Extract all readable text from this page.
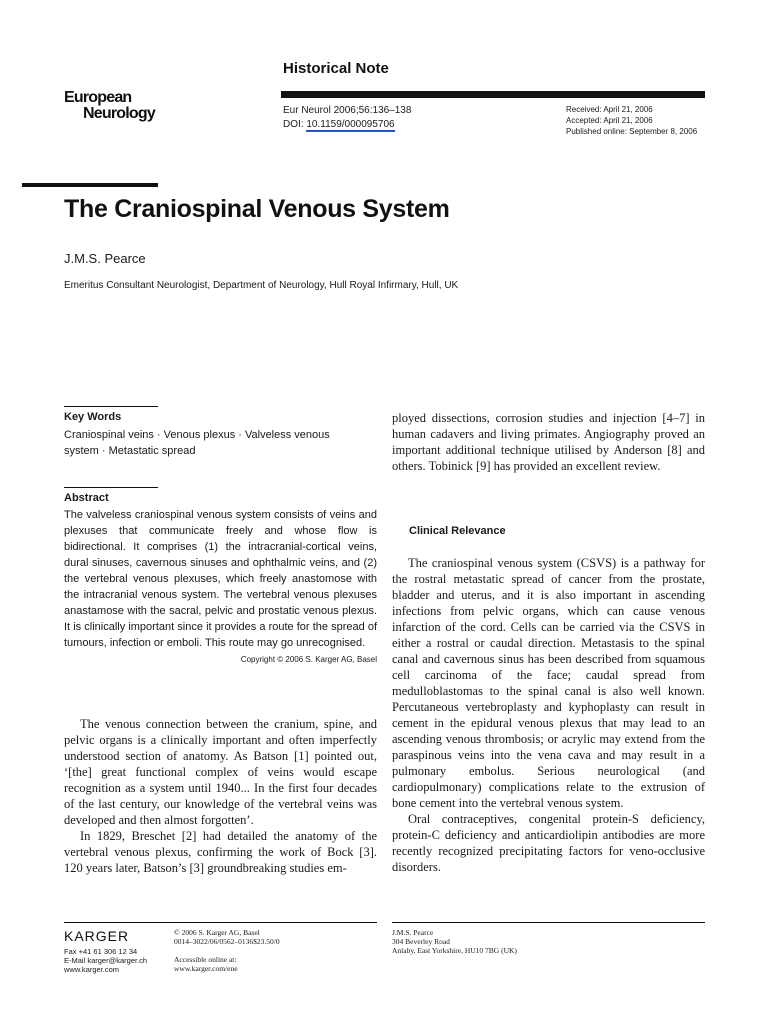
European
Neurology
Historical Note
Eur Neurol 2006;56:136–138
DOI: 10.1159/000095706
Received: April 21, 2006
Accepted: April 21, 2006
Published online: September 8, 2006
The Craniospinal Venous System
J.M.S. Pearce
Emeritus Consultant Neurologist, Department of Neurology, Hull Royal Infirmary, Hull, UK
Key Words
Craniospinal veins · Venous plexus · Valveless venous system · Metastatic spread
Abstract
The valveless craniospinal venous system consists of veins and plexuses that communicate freely and whose flow is bidirectional. It comprises (1) the intracranial-cortical veins, dural sinuses, cavernous sinuses and ophthalmic veins, and (2) the vertebral venous plexuses, which freely anastomose with the intracranial venous system. The vertebral venous plexuses anastamose with the sacral, pelvic and prostatic venous plexus. It is clinically important since it provides a route for the spread of tumours, infection or emboli. This route may go unrecognised.
Copyright © 2006 S. Karger AG, Basel

The venous connection between the cranium, spine, and pelvic organs is a clinically important and often imperfectly understood section of anatomy. As Batson [1] pointed out, ‘[the] great functional complex of veins would escape recognition as a system until 1940... In the first four decades of the last century, our knowledge of the vertebral veins was developed and then almost forgotten’.

In 1829, Breschet [2] had detailed the anatomy of the vertebral venous plexus, confirming the work of Bock [3]. 120 years later, Batson’s [3] groundbreaking studies em-

ployed dissections, corrosion studies and injection [4–7] in human cadavers and living primates. Angiography proved an important additional technique utilised by Anderson [8] and others. Tobinick [9] has provided an excellent review.

Clinical Relevance

The craniospinal venous system (CSVS) is a pathway for the rostral metastatic spread of cancer from the prostate, bladder and uterus, and it is also important in ascending infections from pelvic organs, which can cause venous infarction of the cord. Cells can be carried via the CSVS in either a rostral or caudal direction. Metastasis to the spinal canal and cavernous sinus has been described from squamous cell carcinoma of the face; caudal spread from medulloblastomas to the spinal canal is also well known. Percutaneous vertebroplasty and kyphoplasty can result in cement in the epidural venous plexus that may lead to an ascending venous thrombosis; or acrylic may extend from the paraspinous veins into the vena cava and may result in a pulmonary embolus. Serious neurological (and cardiopulmonary) complications relate to the extrusion of bone cement into the vertebral venous system.

Oral contraceptives, congenital protein-S deficiency, protein-C deficiency and anticardiolipin antibodies are more recently recognized precipitating factors for veno-occlusive disorders.

KARGER
Fax +41 61 306 12 34
E-Mail karger@karger.ch
www.karger.com
© 2006 S. Karger AG, Basel
0014–3022/06/0562–0136$23.50/0
Accessible online at:
www.karger.com/ene
J.M.S. Pearce
304 Beverley Road
Anlaby, East Yorkshire, HU10 7BG (UK)
